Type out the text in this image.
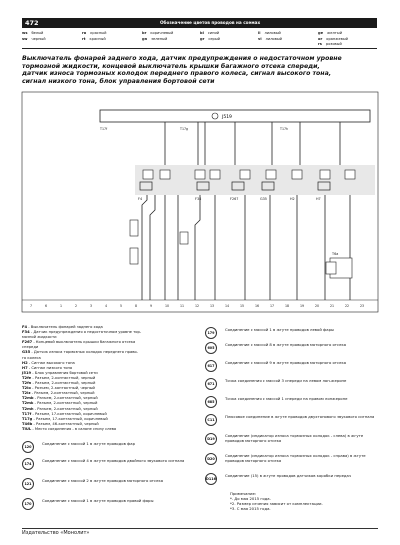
472	Обозначение цветов проводов на схемах
ws белый
sw черный
ro красный
rt красный
br коричневый
gn зеленый
bl синий
gr серый
li лиловый
vi лиловый
ge желтый
or оранжевый
rs розовый
Выключатель фонарей заднего хода, датчик предупреждения о недостаточном уровне
тормозной жидкости, концевой выключатель крышки багажного отсека спереди,
датчик износа тормозных колодок переднего правого колеса, сигнал высокого тона,
сигнал низкого тона, блок управления бортовой сети
J519
7	6	1	2	3	4	5	8	9	10	11	12	13	14	15	16	17	18	19	20	21	22	23
F4	F34	F267	G35	H2	H7
T6a
T17f	T17g	T17h
F4 - Выключатель фонарей заднего хода
F34 - Датчик предупреждения о недостаточном уровне тор-
мозной жидкости
F267 - Концевой выключатель крышки багажного отсека
спереди
G35 - Датчик износа тормозных колодок переднего право-
го колеса
H2 - Сигнал высокого тона
H7 - Сигнал низкого тона
J519 - Блок управления бортовой сети
T2fe - Разъем, 2-контактный, черный
T2fn - Разъем, 2-контактный, черный
T2lo - Разъем, 2-контактный, черный
T2lz - Разъем, 2-контактный, черный
T2mb - Разъем, 2-контактный, черный
T2mk - Разъем, 2-контактный, черный
T2mh - Разъем, 2-контактный, черный
T17f - Разъем, 17-контактный, коричневый
T17g - Разъем, 17-контактный, коричневый
T46b - Разъем, 46-контактный, черный
TIUL - Место соединения - в салоне снизу слева
120
Соединение с массой 1 в жгуте проводов фар
174
Соединение с массой 4 в жгуте проводов двойного звукового сигнала
121
Соединение с массой 2 в жгуте проводов моторного отсека
170
Соединение с массой 1 в жгуте проводов правой фары
179
Соединение с массой 1 в жгуте проводов левой фары
605
Соединение с массой 8 в жгуте проводов моторного отсека
617
Соединение с массой 9 в жгуте проводов моторного отсека
671
Точка соединения с массой 3 спереди на левом лон-жероне
685
Точка соединения с массой 1 спереди на правом лонжероне
C11
Плюсовое соединение в жгуте проводов двухтонового звукового сигнала
D19
Соединение (индикатор износа тормозных колодок - слева) в жгуте проводов моторного отсека
D20
Соединение (индикатор износа тормозных колодок - справа) в жгуте проводов моторного отсека
D116
Соединение (15) в жгуте проводов датчиков коробки передач
Примечание:
*. До мая 2015 года.
*2. Размер сечения зависит от комплектации.
*3. С мая 2015 года.
Издательство «Монолит»
